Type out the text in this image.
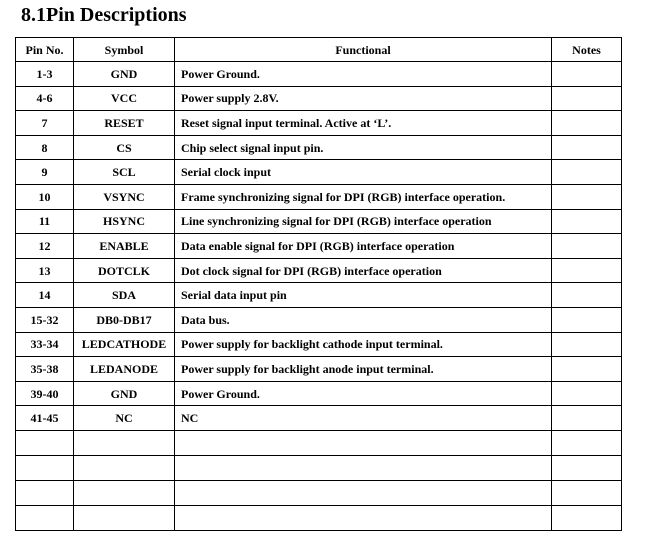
8.1Pin Descriptions
Pin No.	Symbol	Functional	Notes
1-3	GND	Power Ground.	
4-6	VCC	Power supply 2.8V.	
7	RESET	Reset signal input terminal. Active at ‘L’.	
8	CS	Chip select signal input pin.	
9	SCL	Serial clock input	
10	VSYNC	Frame synchronizing signal for DPI (RGB) interface operation.	
11	HSYNC	Line synchronizing signal for DPI (RGB) interface operation	
12	ENABLE	Data enable signal for DPI (RGB) interface operation	
13	DOTCLK	Dot clock signal for DPI (RGB) interface operation	
14	SDA	Serial data input pin	
15-32	DB0-DB17	Data bus.	
33-34	LEDCATHODE	Power supply for backlight cathode input terminal.	
35-38	LEDANODE	Power supply for backlight anode input terminal.	
39-40	GND	Power Ground.	
41-45	NC	NC	
